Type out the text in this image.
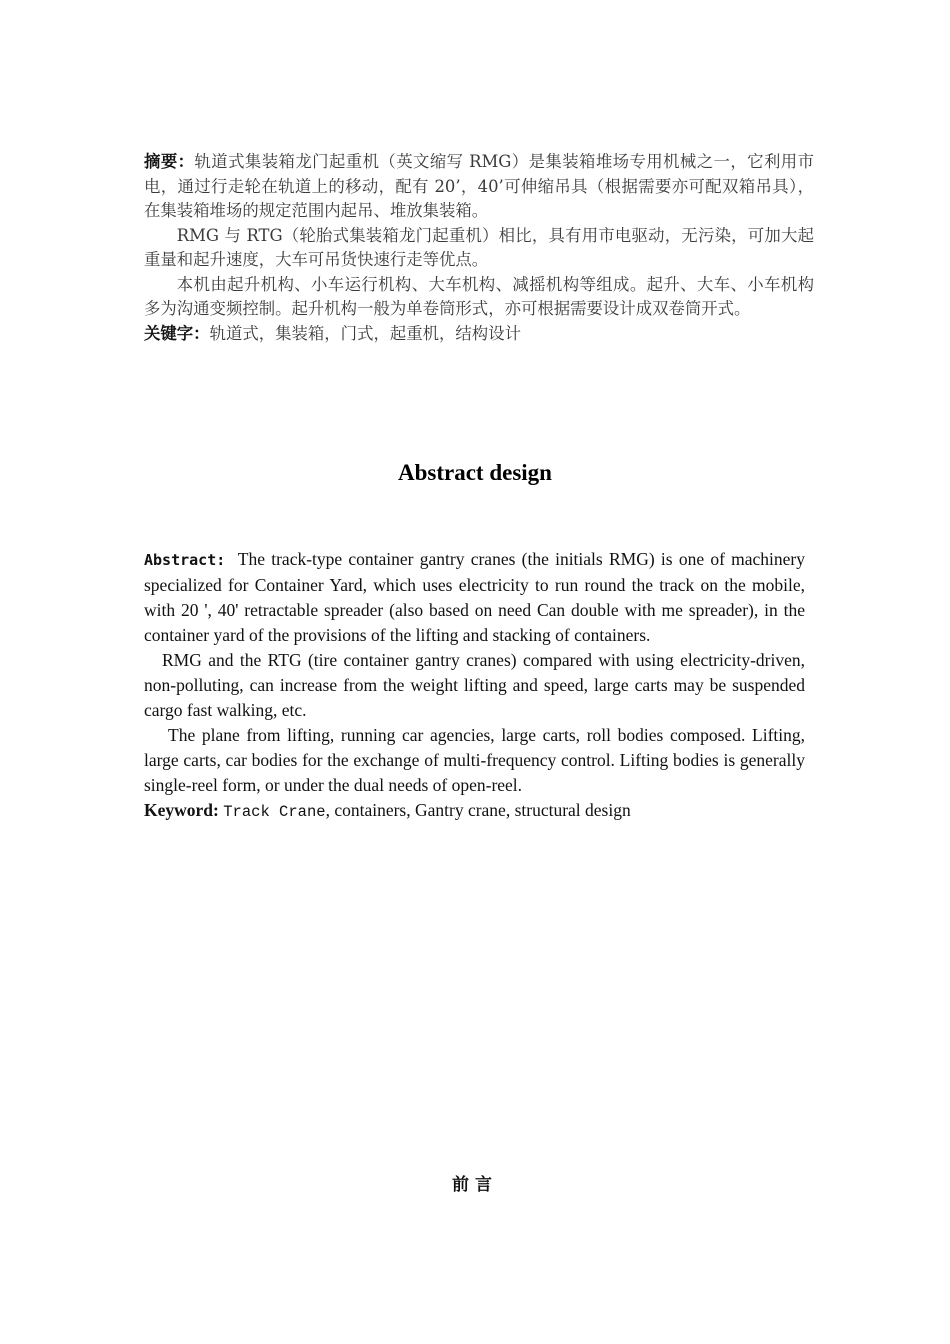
摘要：轨道式集装箱龙门起重机（英文缩写 RMG）是集装箱堆场专用机械之一，它利用市电，通过行走轮在轨道上的移动，配有 20’，40’可伸缩吊具（根据需要亦可配双箱吊具），在集装箱堆场的规定范围内起吊、堆放集装箱。

RMG 与 RTG（轮胎式集装箱龙门起重机）相比，具有用市电驱动，无污染，可加大起重量和起升速度，大车可吊货快速行走等优点。

本机由起升机构、小车运行机构、大车机构、减摇机构等组成。起升、大车、小车机构多为沟通变频控制。起升机构一般为单卷筒形式，亦可根据需要设计成双卷筒开式。

关键字：轨道式，集装箱，门式，起重机，结构设计

Abstract design

Abstract: The track-type container gantry cranes (the initials RMG) is one of machinery specialized for Container Yard, which uses electricity to run round the track on the mobile, with 20 ', 40' retractable spreader (also based on need Can double with me spreader), in the container yard of the provisions of the lifting and stacking of containers.

RMG and the RTG (tire container gantry cranes) compared with using electricity-driven, non-polluting, can increase from the weight lifting and speed, large carts may be suspended cargo fast walking, etc.

The plane from lifting, running car agencies, large carts, roll bodies composed. Lifting, large carts, car bodies for the exchange of multi-frequency control. Lifting bodies is generally single-reel form, or under the dual needs of open-reel.

Keyword: Track Crane, containers, Gantry crane, structural design

前言
